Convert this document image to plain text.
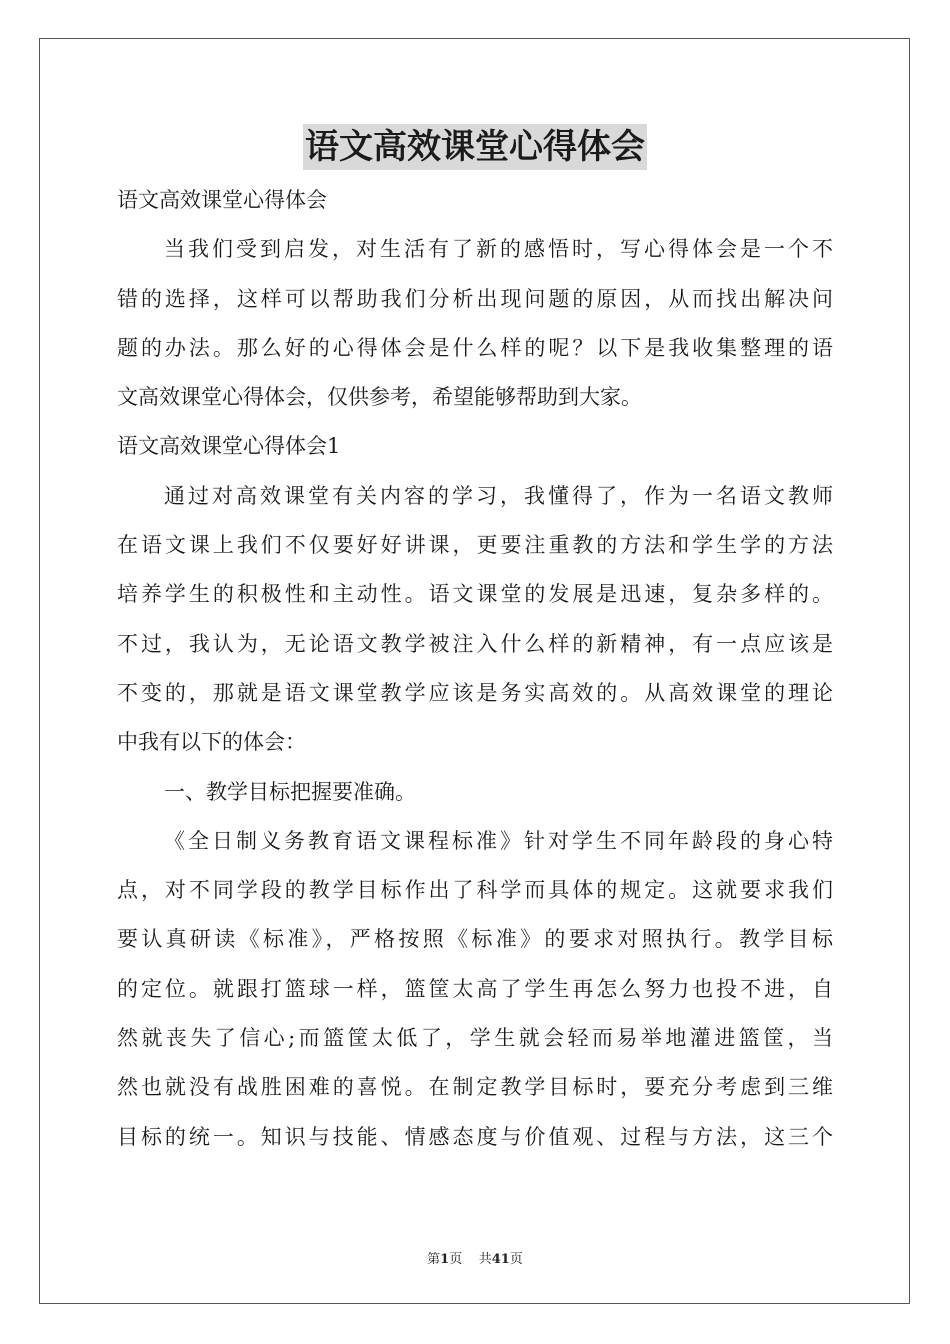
语文高效课堂心得体会
语文高效课堂心得体会
当我们受到启发，对生活有了新的感悟时，写心得体会是一个不
错的选择，这样可以帮助我们分析出现问题的原因，从而找出解决问
题的办法。那么好的心得体会是什么样的呢？以下是我收集整理的语
文高效课堂心得体会，仅供参考，希望能够帮助到大家。
语文高效课堂心得体会1
通过对高效课堂有关内容的学习，我懂得了，作为一名语文教师
在语文课上我们不仅要好好讲课，更要注重教的方法和学生学的方法
培养学生的积极性和主动性。语文课堂的发展是迅速，复杂多样的。
不过，我认为，无论语文教学被注入什么样的新精神，有一点应该是
不变的，那就是语文课堂教学应该是务实高效的。从高效课堂的理论
中我有以下的体会：
一、教学目标把握要准确。
《全日制义务教育语文课程标准》针对学生不同年龄段的身心特
点，对不同学段的教学目标作出了科学而具体的规定。这就要求我们
要认真研读《标准》，严格按照《标准》的要求对照执行。教学目标
的定位。就跟打篮球一样，篮筐太高了学生再怎么努力也投不进，自
然就丧失了信心;而篮筐太低了，学生就会轻而易举地灌进篮筐，当
然也就没有战胜困难的喜悦。在制定教学目标时，要充分考虑到三维
目标的统一。知识与技能、情感态度与价值观、过程与方法，这三个
第1页 共41页
